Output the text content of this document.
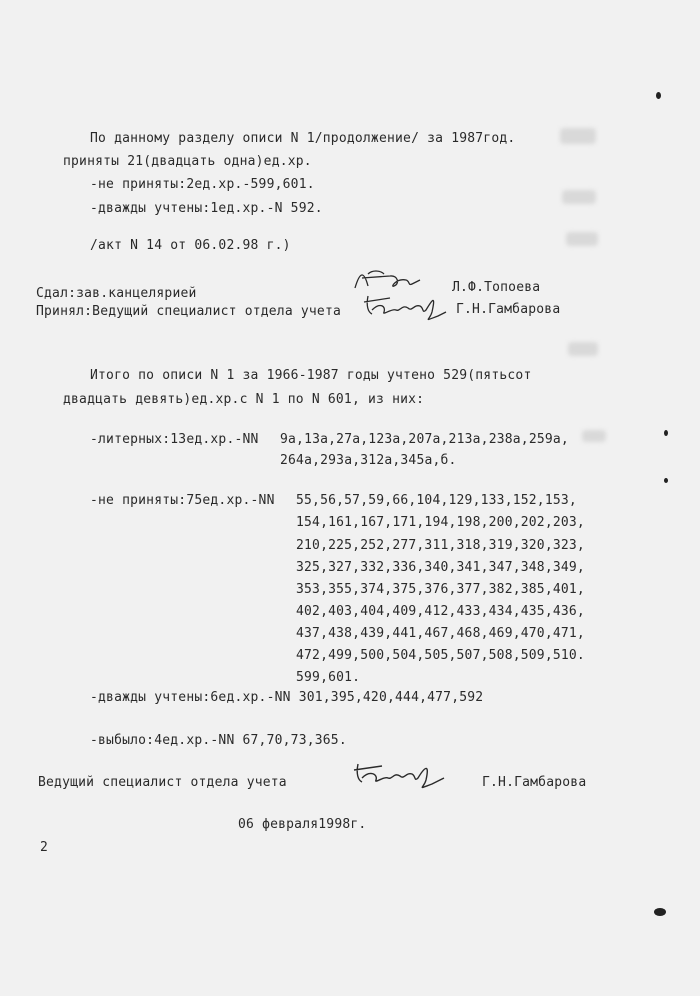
По данному разделу описи N 1/продолжение/ за 1987год.
приняты 21(двадцать одна)ед.хр.
-не приняты:2ед.хр.-599,601.
-дважды учтены:1ед.хр.-N 592.
/акт N 14 от 06.02.98 г.)
Сдал:зав.канцелярией	Л.Ф.Топоева
Принял:Ведущий специалист отдела учета	Г.Н.Гамбарова
Итого по описи N 1 за 1966-1987 годы учтено 529(пятьсот
двадцать девять)ед.хр.с N 1 по N 601, из них:
-литерных:13ед.хр.-NN 9а,13а,27а,123а,207а,213а,238а,259а,
264а,293а,312а,345а,б.
-не приняты:75ед.хр.-NN 55,56,57,59,66,104,129,133,152,153,
154,161,167,171,194,198,200,202,203,
210,225,252,277,311,318,319,320,323,
325,327,332,336,340,341,347,348,349,
353,355,374,375,376,377,382,385,401,
402,403,404,409,412,433,434,435,436,
437,438,439,441,467,468,469,470,471,
472,499,500,504,505,507,508,509,510.
599,601.
-дважды учтены:6ед.хр.-NN 301,395,420,444,477,592
-выбыло:4ед.хр.-NN 67,70,73,365.
Ведущий специалист отдела учета	Г.Н.Гамбарова
06 февраля1998г.
2
